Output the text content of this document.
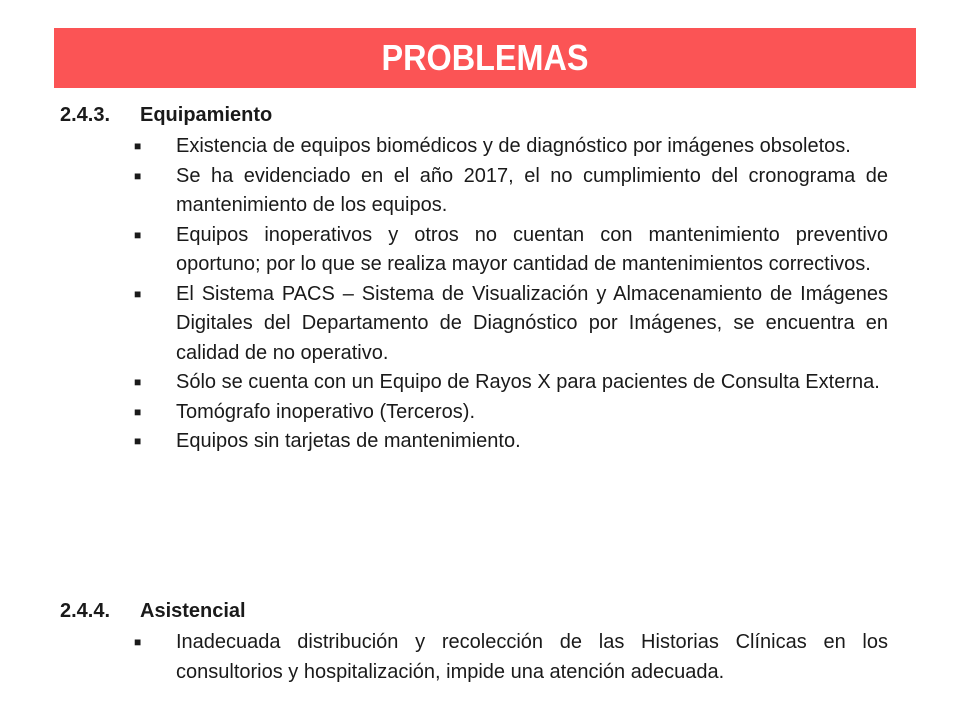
PROBLEMAS
2.4.3.	Equipamiento
■	Existencia de equipos biomédicos y de diagnóstico por imágenes obsoletos.
■	Se ha evidenciado en el año 2017, el no cumplimiento del cronograma de mantenimiento de los equipos.
■	Equipos inoperativos y otros no cuentan con mantenimiento preventivo oportuno; por lo que se realiza mayor cantidad de mantenimientos correctivos.
■	El Sistema PACS – Sistema de Visualización y Almacenamiento de Imágenes Digitales del Departamento de Diagnóstico por Imágenes, se encuentra en calidad de no operativo.
■	Sólo se cuenta con un Equipo de Rayos X para pacientes de Consulta Externa.
■	Tomógrafo inoperativo (Terceros).
■	Equipos sin tarjetas de mantenimiento.
2.4.4.	Asistencial
■	Inadecuada distribución y recolección de las Historias Clínicas en los consultorios y hospitalización, impide una atención adecuada.
